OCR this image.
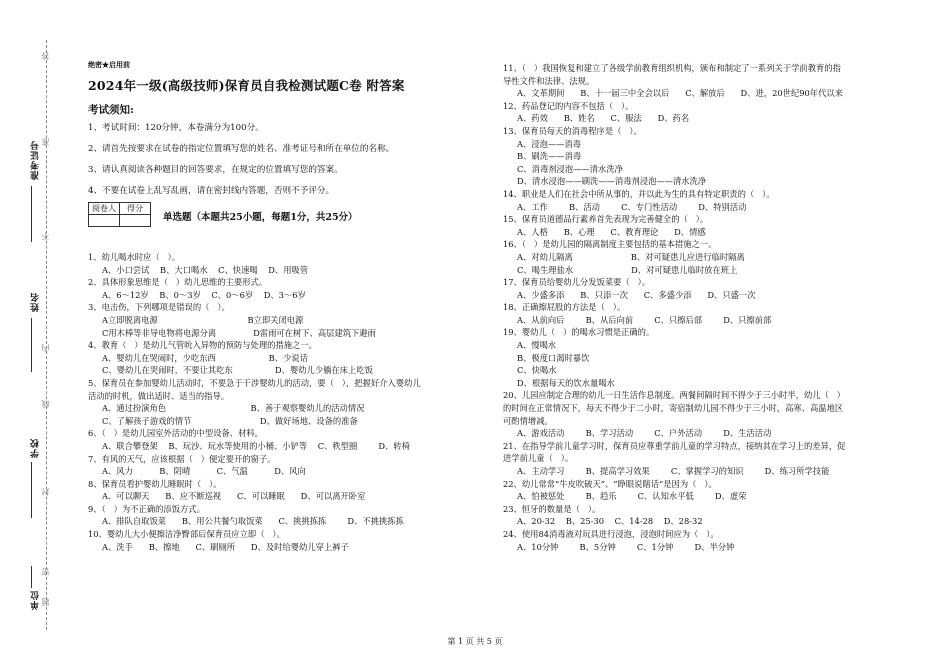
答
准
不
内
线
封
密
题
准考证号
姓名
学校
单位
绝密★启用前
2024年一级(高级技师)保育员自我检测试题C卷 附答案
考试须知:
1、考试时间：120分钟，本卷满分为100分。
2、请首先按要求在试卷的指定位置填写您的姓名、准考证号和所在单位的名称。
3、请认真阅读各种题目的回答要求，在规定的位置填写您的答案。
4、不要在试卷上乱写乱画，请在密封线内答题，否则不予评分。
阅卷人	得分

单选题（本题共25小题，每题1分，共25分）
1、幼儿喝水时应（   ）。
A、小口尝试    B、大口喝水    C、快速喝    D、用吸管
2、具体形象思维是（   ）幼儿思维的主要形式。
A、6～12岁    B、0～3岁    C、0～6岁    D、3～6岁
3、电击伤，下列哪项是错误的（   ）。
A立即脱离电源                                  B立即关闭电源
C用木棒等非导电物将电源分离              D雷雨可在树下、高层建筑下避雨
4、教育（   ）是幼儿气管吮入异物的预防与处理的措施之一。
A、婴幼儿在哭闹时，少吃东西                    B、少说话
C、婴幼儿在哭闹时，不要让其吃东                D、婴幼儿少躺在床上吃饭
5、保育员在参加婴幼儿活动时，不要急于干涉婴幼儿的活动，要（   ），把握好介入婴幼儿
活动的时机，做出适时、适当的指导。
A、通过扮演角色                                B、善于观察婴幼儿的活动情况
C、了解孩子游戏的情节                          D、做好场地、设备的准备
6、（   ）是幼儿园室外活动的中型设备、材料。
A、联合攀登架    B、玩沙、玩水等使用的小桶、小铲等    C、秩型圈        D、转椅
7、有风的天气，应该根据（   ）便定要开的窗子。
A、风力          B、阴晴          C、气温          D、风向
8、保育员看护婴幼儿睡眠时（   ）。
A、可以聊天      B、应不断巡视      C、可以睡眠      D、可以离开卧室
9、（   ）为不正确的添饭方式。
A、排队自取饭菜      B、用公共餐勺取饭菜      C、挑挑拣拣        D、不挑挑拣拣
10、婴幼儿大小便擦洁净臀部后保育员应立即（   ）。
A、洗手      B、擦地      C、刷厕所      D、及时给婴幼儿穿上裤子
11、（   ）我国恢复和建立了各级学前教育组织机构，颁布和制定了一系列关于学前教育的指
导性文件和法律、法规。
A、文革期间      B、十一届三中全会以后      C、解放后      D、进，20世纪90年代以来
12、药品登记的内容不包括（   ）。
A、药效      B、姓名      C、服法      D、药名
13、保育员每天的消毒程序是（   ）。
A、浸泡——消毒
B、刷洗——消毒
C、消毒剂浸泡——清水洗净
D、清水浸泡——刷洗——消毒剂浸泡——清水洗净
14、职业是人们在社会中所从事的，并以此为生的具有特定职责的（   ）。
A、工作        B、活动        C、专门性活动        D、特别活动
15、保育员道德品行素养首先表现为完善健全的（   ）。
A、人格      B、心理      C、教育理论      D、情感
16、（   ）是幼儿园的隔离制度主要包括的基本措施之一。
A、对幼儿隔离                      B、对可疑患儿应进行临时隔离
C、喝生理盐水                      D、对可疑患儿临时放在班上
17、保育员给婴幼儿分发饭菜要（   ）。
A、少盛多添      B、只添一次      C、多盛少添      D、只盛一次
18、正确擦屁股的方法是（   ）。
A、从前向后        B、从后向前        C、只擦后部        D、只擦前部
19、婴幼儿（   ）的喝水习惯是正确的。
A、慢喝水
B、极度口渴时暴饮
C、快喝水
D、根据每天的饮水量喝水
20、儿园应制定合理的幼儿一日生活作息制度。两餐间隔时间不得少于三小时半，幼儿（   ）
的时间在正常情况下，每天不得少于二小时，寄宿制幼儿园不得少于三小时，高寒、高温地区
可酌情增减。
A、游戏活动        B、学习活动        C、户外活动        D、生活活动
21、在指导学前儿童学习时，保育员应尊重学前儿童的学习特点，接纳其在学习上的差异，促
进学前儿童（   ）。
A、主动学习        B、提高学习效果        C、掌握学习的知识        D、练习所学技能
22、幼儿常常“牛皮吹破天”、“睁眼说瞎话”是因为（   ）。
A、怕被惩处        B、趋乐        C、认知水平低        D、虚荣
23、恒牙的数量是（   ）。
A、20-32    B、25-30    C、14-28    D、28-32
24、使用84消毒液对玩具进行浸泡，浸泡时间应为（   ）。
A、10分钟        B、5分钟        C、1分钟        D、半分钟
第 1 页 共 5 页
